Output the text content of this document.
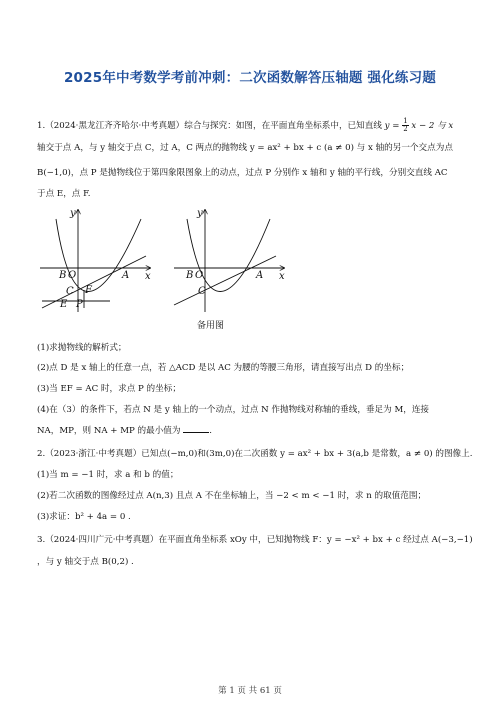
2025年中考数学考前冲刺：二次函数解答压轴题 强化练习题
1.（2024·黑龙江齐齐哈尔·中考真题）综合与探究：如图，在平面直角坐标系中，已知直线 $y = \frac{1}{2}$ x − 2 与 x
轴交于点 A，与 y 轴交于点 C，过 A，C 两点的抛物线 y = ax² + bx + c (a ≠ 0) 与 x 轴的另一个交点为点
B(−1,0)，点 P 是抛物线位于第四象限图象上的动点，过点 P 分别作 x 轴和 y 轴的平行线，分别交直线 AC
于点 E，点 F.
y
x
B O	A
C F
E P
y
x
B O	A
C
备用图
(1)求抛物线的解析式；
(2)点 D 是 x 轴上的任意一点，若 △ACD 是以 AC 为腰的等腰三角形，请直接写出点 D 的坐标；
(3)当 EF = AC 时，求点 P 的坐标；
(4)在（3）的条件下，若点 N 是 y 轴上的一个动点，过点 N 作抛物线对称轴的垂线，垂足为 M，连接
NA，MP，则 NA + MP 的最小值为	.
2.（2023·浙江·中考真题）已知点(−m,0)和(3m,0)在二次函数 y = ax² + bx + 3(a,b 是常数，a ≠ 0) 的图像上.
(1)当 m = −1 时，求 a 和 b 的值；
(2)若二次函数的图像经过点 A(n,3) 且点 A 不在坐标轴上，当 −2 < m < −1 时，求 n 的取值范围；
(3)求证：b² + 4a = 0 .
3.（2024·四川广元·中考真题）在平面直角坐标系 xOy 中，已知抛物线 F：y = −x² + bx + c 经过点 A(−3,−1)
，与 y 轴交于点 B(0,2) .
第 1 页 共 61 页
